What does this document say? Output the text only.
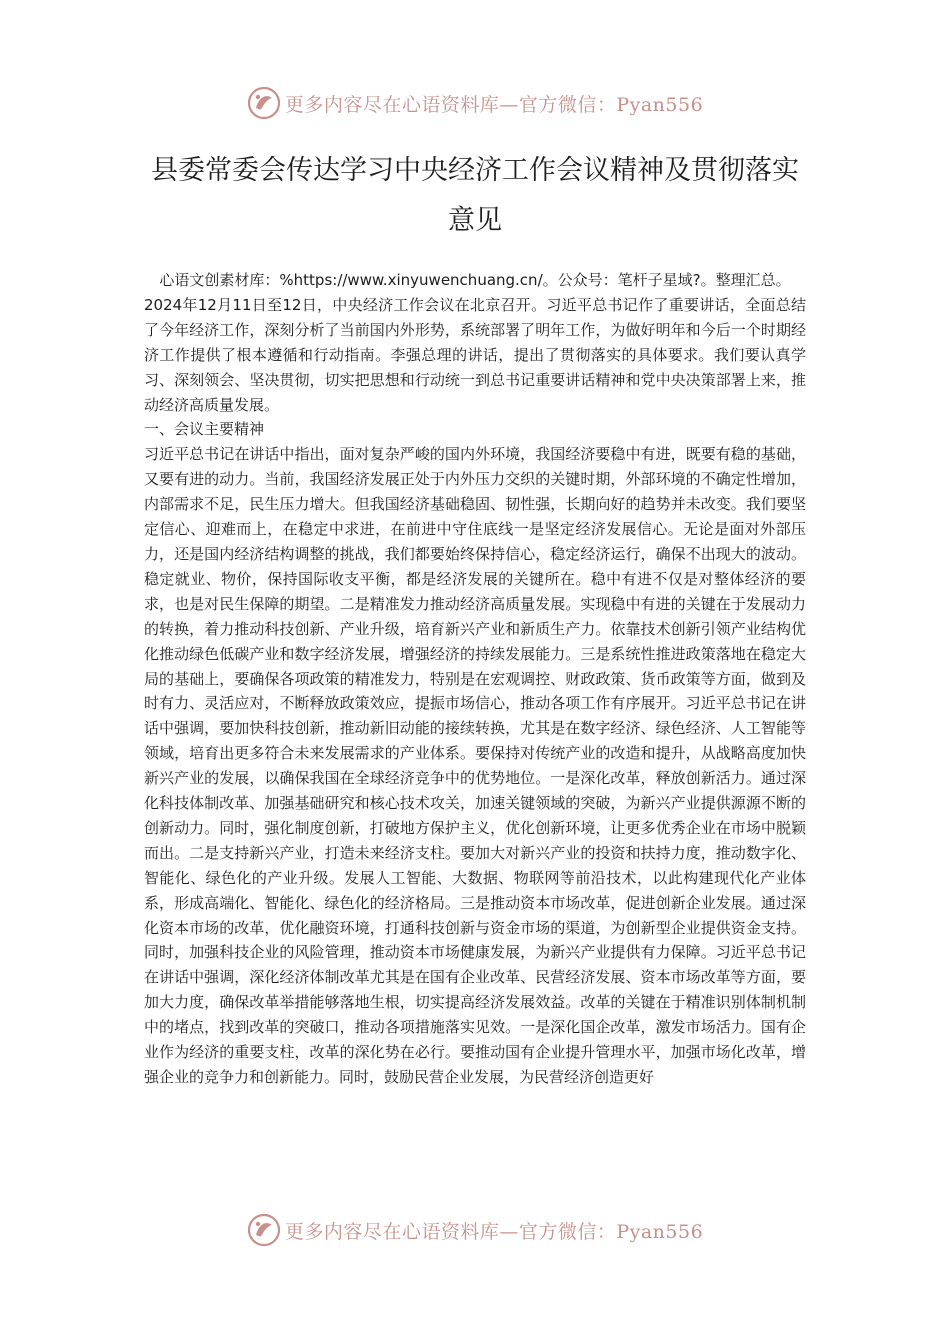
更多内容尽在心语资料库—官方微信：Pyan556
县委常委会传达学习中央经济工作会议精神及贯彻落实意见

心语文创素材库：%https://www.xinyuwenchuang.cn/。公众号：笔杆子星域?。整理汇总。

2024年12月11日至12日，中央经济工作会议在北京召开。习近平总书记作了重要讲话，全面总结了今年经济工作，深刻分析了当前国内外形势，系统部署了明年工作，为做好明年和今后一个时期经济工作提供了根本遵循和行动指南。李强总理的讲话，提出了贯彻落实的具体要求。我们要认真学习、深刻领会、坚决贯彻，切实把思想和行动统一到总书记重要讲话精神和党中央决策部署上来，推动经济高质量发展。

一、会议主要精神

习近平总书记在讲话中指出，面对复杂严峻的国内外环境，我国经济要稳中有进，既要有稳的基础，又要有进的动力。当前，我国经济发展正处于内外压力交织的关键时期，外部环境的不确定性增加，内部需求不足，民生压力增大。但我国经济基础稳固、韧性强，长期向好的趋势并未改变。我们要坚定信心、迎难而上，在稳定中求进，在前进中守住底线一是坚定经济发展信心。无论是面对外部压力，还是国内经济结构调整的挑战，我们都要始终保持信心，稳定经济运行，确保不出现大的波动。稳定就业、物价，保持国际收支平衡，都是经济发展的关键所在。稳中有进不仅是对整体经济的要求，也是对民生保障的期望。二是精准发力推动经济高质量发展。实现稳中有进的关键在于发展动力的转换，着力推动科技创新、产业升级，培育新兴产业和新质生产力。依靠技术创新引领产业结构优化推动绿色低碳产业和数字经济发展，增强经济的持续发展能力。三是系统性推进政策落地在稳定大局的基础上，要确保各项政策的精准发力，特别是在宏观调控、财政政策、货币政策等方面，做到及时有力、灵活应对，不断释放政策效应，提振市场信心，推动各项工作有序展开。习近平总书记在讲话中强调，要加快科技创新，推动新旧动能的接续转换，尤其是在数字经济、绿色经济、人工智能等领域，培育出更多符合未来发展需求的产业体系。要保持对传统产业的改造和提升，从战略高度加快新兴产业的发展，以确保我国在全球经济竞争中的优势地位。一是深化改革，释放创新活力。通过深化科技体制改革、加强基础研究和核心技术攻关，加速关键领域的突破，为新兴产业提供源源不断的创新动力。同时，强化制度创新，打破地方保护主义，优化创新环境，让更多优秀企业在市场中脱颖而出。二是支持新兴产业，打造未来经济支柱。要加大对新兴产业的投资和扶持力度，推动数字化、智能化、绿色化的产业升级。发展人工智能、大数据、物联网等前沿技术，以此构建现代化产业体系，形成高端化、智能化、绿色化的经济格局。三是推动资本市场改革，促进创新企业发展。通过深化资本市场的改革，优化融资环境，打通科技创新与资金市场的渠道，为创新型企业提供资金支持。同时，加强科技企业的风险管理，推动资本市场健康发展，为新兴产业提供有力保障。习近平总书记在讲话中强调，深化经济体制改革尤其是在国有企业改革、民营经济发展、资本市场改革等方面，要加大力度，确保改革举措能够落地生根，切实提高经济发展效益。改革的关键在于精准识别体制机制中的堵点，找到改革的突破口，推动各项措施落实见效。一是深化国企改革，激发市场活力。国有企业作为经济的重要支柱，改革的深化势在必行。要推动国有企业提升管理水平，加强市场化改革，增强企业的竞争力和创新能力。同时，鼓励民营企业发展，为民营经济创造更好

更多内容尽在心语资料库—官方微信：Pyan556
